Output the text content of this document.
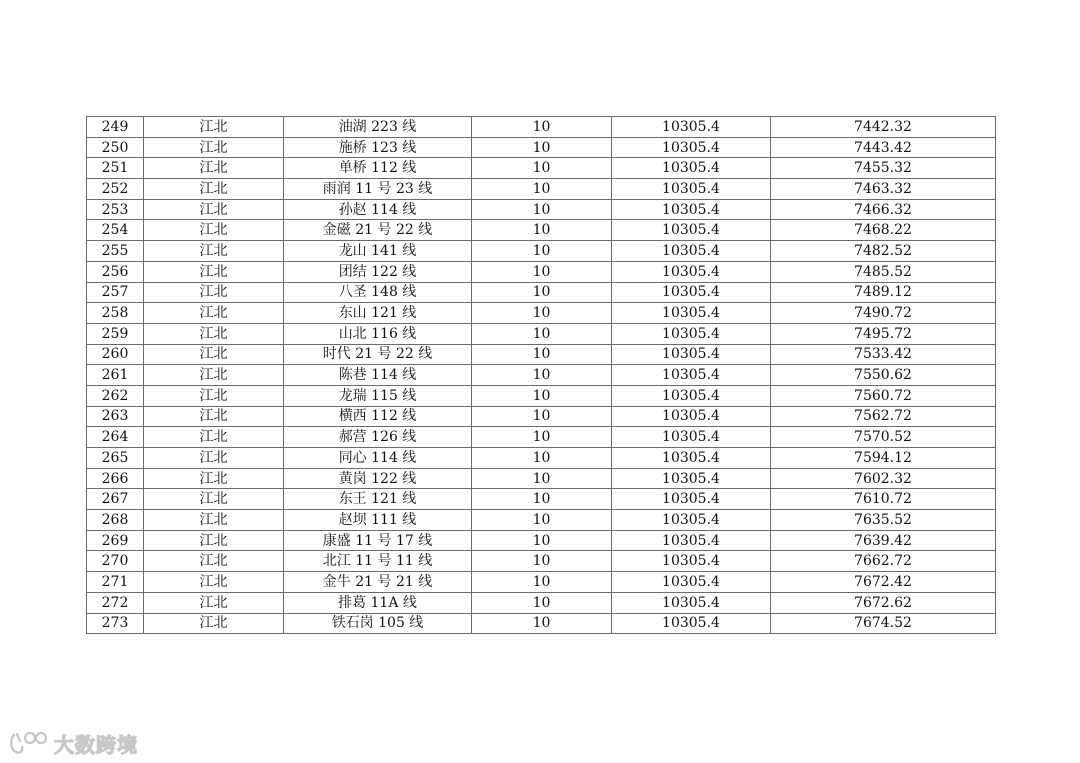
249	江北	油湖 223 线	10	10305.4	7442.32
250	江北	施桥 123 线	10	10305.4	7443.42
251	江北	单桥 112 线	10	10305.4	7455.32
252	江北	雨润 11 号 23 线	10	10305.4	7463.32
253	江北	孙赵 114 线	10	10305.4	7466.32
254	江北	金磁 21 号 22 线	10	10305.4	7468.22
255	江北	龙山 141 线	10	10305.4	7482.52
256	江北	团结 122 线	10	10305.4	7485.52
257	江北	八圣 148 线	10	10305.4	7489.12
258	江北	东山 121 线	10	10305.4	7490.72
259	江北	山北 116 线	10	10305.4	7495.72
260	江北	时代 21 号 22 线	10	10305.4	7533.42
261	江北	陈巷 114 线	10	10305.4	7550.62
262	江北	龙瑞 115 线	10	10305.4	7560.72
263	江北	横西 112 线	10	10305.4	7562.72
264	江北	郝营 126 线	10	10305.4	7570.52
265	江北	同心 114 线	10	10305.4	7594.12
266	江北	黄岗 122 线	10	10305.4	7602.32
267	江北	东王 121 线	10	10305.4	7610.72
268	江北	赵坝 111 线	10	10305.4	7635.52
269	江北	康盛 11 号 17 线	10	10305.4	7639.42
270	江北	北江 11 号 11 线	10	10305.4	7662.72
271	江北	金牛 21 号 21 线	10	10305.4	7672.42
272	江北	排葛 11A 线	10	10305.4	7672.62
273	江北	铁石岗 105 线	10	10305.4	7674.52
大数跨境
